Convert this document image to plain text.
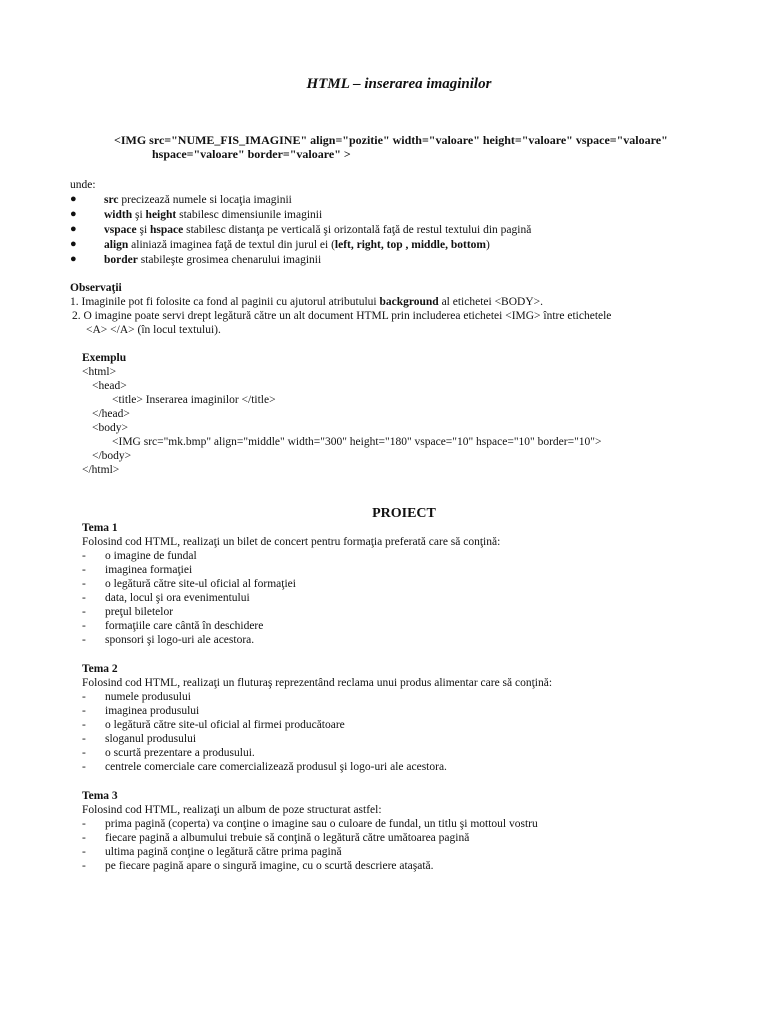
HTML – inserarea imaginilor
<IMG src="NUME_FIS_IMAGINE" align="pozitie" width="valoare" height="valoare" vspace="valoare"
hspace="valoare" border="valoare" >
unde:
● src precizează numele si locaţia imaginii
● width şi height stabilesc dimensiunile imaginii
● vspace şi hspace stabilesc distanţa pe verticală şi orizontală faţă de restul textului din pagină
● align aliniază imaginea faţă de textul din jurul ei (left, right, top , middle, bottom)
● border stabileşte grosimea chenarului imaginii
Observaţii
1. Imaginile pot fi folosite ca fond al paginii cu ajutorul atributului background al etichetei <BODY>.
2. O imagine poate servi drept legătură către un alt document HTML prin includerea etichetei <IMG> între etichetele
<A> </A> (în locul textului).
Exemplu
<html>
<head>
<title> Inserarea imaginilor </title>
</head>
<body>
<IMG src="mk.bmp" align="middle" width="300" height="180" vspace="10" hspace="10" border="10">
</body>
</html>
PROIECT
Tema 1
Folosind cod HTML, realizaţi un bilet de concert pentru formaţia preferată care să conţină:
- o imagine de fundal
- imaginea formaţiei
- o legătură către site-ul oficial al formaţiei
- data, locul şi ora evenimentului
- preţul biletelor
- formaţiile care cântă în deschidere
- sponsori şi logo-uri ale acestora.
Tema 2
Folosind cod HTML, realizaţi un fluturaş reprezentând reclama unui produs alimentar care să conţină:
- numele produsului
- imaginea produsului
- o legătură către site-ul oficial al firmei producătoare
- sloganul produsului
- o scurtă prezentare a produsului.
- centrele comerciale care comercializează produsul şi logo-uri ale acestora.
Tema 3
Folosind cod HTML, realizaţi un album de poze structurat astfel:
- prima pagină (coperta) va conţine o imagine sau o culoare de fundal, un titlu şi mottoul vostru
- fiecare pagină a albumului trebuie să conţină o legătură către umătoarea pagină
- ultima pagină conţine o legătură către prima pagină
- pe fiecare pagină apare o singură imagine, cu o scurtă descriere ataşată.
